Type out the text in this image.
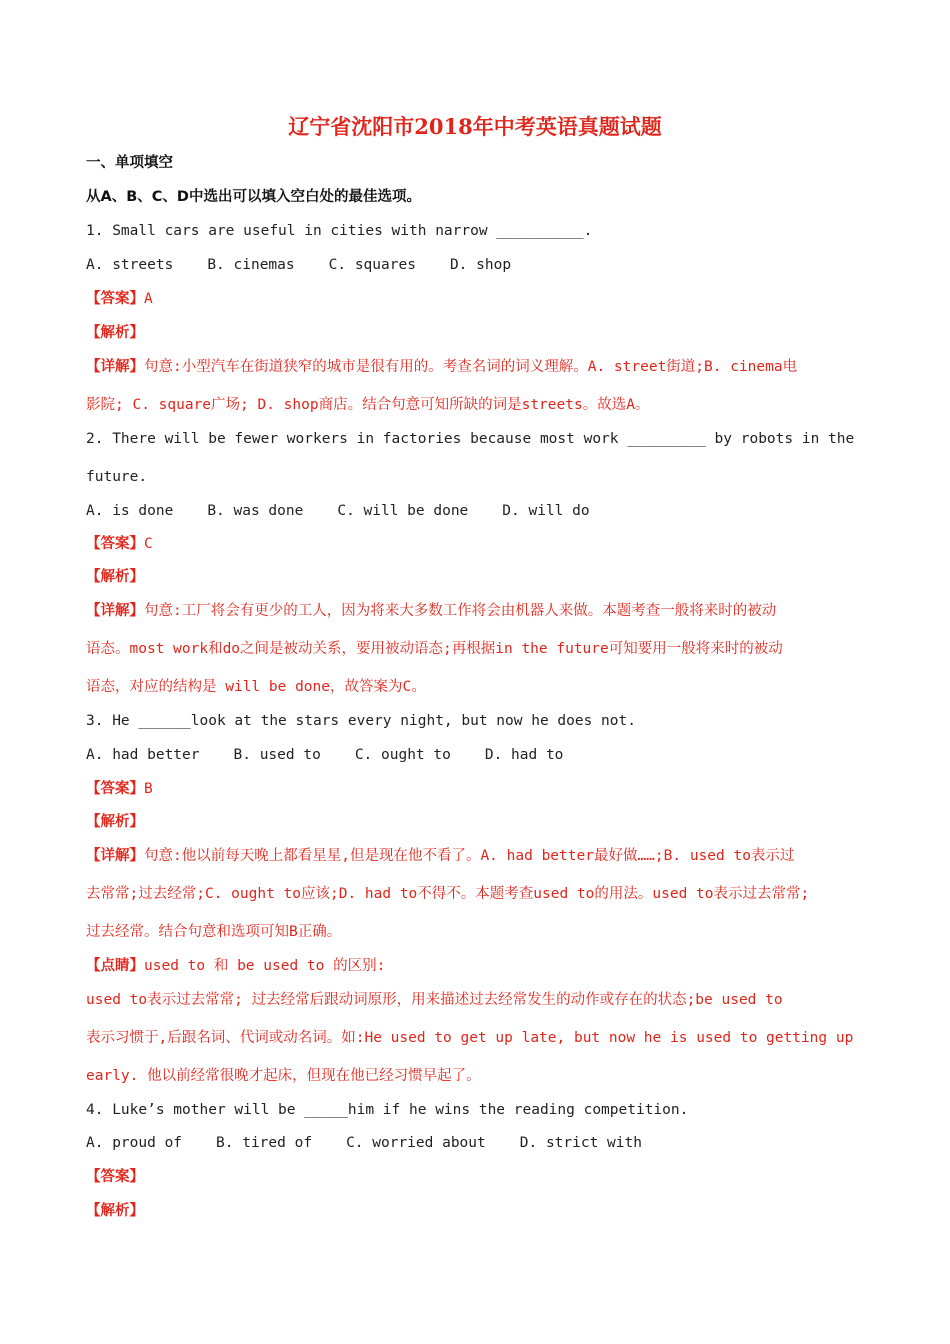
辽宁省沈阳市2018年中考英语真题试题
一、单项填空
从A、B、C、D中选出可以填入空白处的最佳选项。
1. Small cars are useful in cities with narrow __________.
A. streets B. cinemas C. squares D. shop
【答案】A
【解析】
【详解】句意:小型汽车在街道狭窄的城市是很有用的。考查名词的词义理解。A. street街道;B. cinema电
影院; C. square广场; D. shop商店。结合句意可知所缺的词是streets。故选A。
2. There will be fewer workers in factories because most work _________ by robots in the
future.
A. is done B. was done C. will be done D. will do
【答案】C
【解析】
【详解】句意:工厂将会有更少的工人，因为将来大多数工作将会由机器人来做。本题考查一般将来时的被动
语态。most work和do之间是被动关系，要用被动语态;再根据in the future可知要用一般将来时的被动
语态，对应的结构是 will be done，故答案为C。
3. He ______look at the stars every night, but now he does not.
A. had better B. used to C. ought to D. had to
【答案】B
【解析】
【详解】句意:他以前每天晚上都看星星,但是现在他不看了。A. had better最好做……;B. used to表示过
去常常;过去经常;C. ought to应该;D. had to不得不。本题考查used to的用法。used to表示过去常常;
过去经常。结合句意和选项可知B正确。
【点睛】used to 和 be used to 的区别:
used to表示过去常常; 过去经常后跟动词原形，用来描述过去经常发生的动作或存在的状态;be used to
表示习惯于,后跟名词、代词或动名词。如:He used to get up late, but now he is used to getting up
early. 他以前经常很晚才起床，但现在他已经习惯早起了。
4. Luke’s mother will be _____him if he wins the reading competition.
A. proud of B. tired of C. worried about D. strict with
【答案】
【解析】
